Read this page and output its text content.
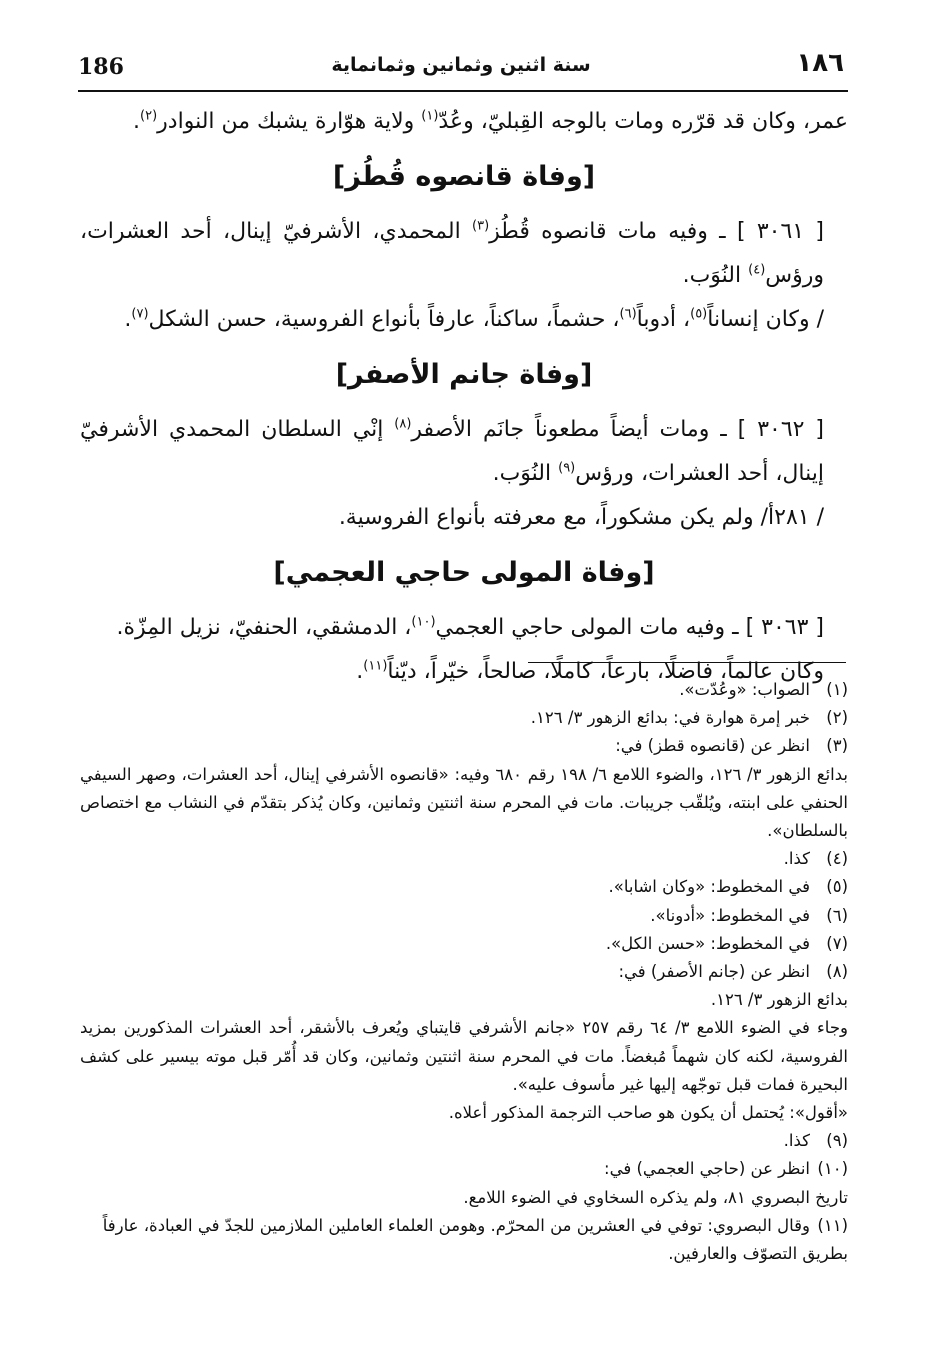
186	سنة اثنين وثمانين وثمانماية	١٨٦

عمر، وكان قد قرّره ومات بالوجه القِبليّ، وعُدّ$^{(١)}$ ولاية هوّارة يشبك من النوادر$^{(٢)}$.

[وفاة قانصوه قُطُز]

[ ٣٠٦١ ] ـ وفيه مات قانصوه قُطُز$^{(٣)}$ المحمدي، الأشرفيّ إينال، أحد العشرات، ورؤس$^{(٤)}$ النُوَب.

/ وكان إنساناً$^{(٥)}$، أدوباً$^{(٦)}$، حشماً، ساكناً، عارفاً بأنواع الفروسية، حسن الشكل$^{(٧)}$.

[وفاة جانم الأصفر]

[ ٣٠٦٢ ] ـ ومات أيضاً مطعوناً جانَم الأصفر$^{(٨)}$ إنْي السلطان المحمدي الأشرفيّ إينال، أحد العشرات، ورؤس$^{(٩)}$ النُوَب.

/ ٢٨١أ/ ولم يكن مشكوراً، مع معرفته بأنواع الفروسية.

[وفاة المولى حاجي العجمي]

[ ٣٠٦٣ ] ـ وفيه مات المولى حاجي العجمي$^{(١٠)}$، الدمشقي، الحنفيّ، نزيل المِزّة.

وكان عالماً، فاضلًا، بارعاً، كاملًا، صالحاً، خيّراً، ديّناً$^{(١١)}$.

(١)الصواب: «وعُدّت».

(٢)خبر إمرة هوارة في: بدائع الزهور ٣/ ١٢٦.

(٣)انظر عن (قانصوه قطز) في:

بدائع الزهور ٣/ ١٢٦، والضوء اللامع ٦/ ١٩٨ رقم ٦٨٠ وفيه: «قانصوه الأشرفي إينال، أحد العشرات، وصهر السيفي الحنفي على ابنته، ويُلقّب جريبات. مات في المحرم سنة اثنتين وثمانين، وكان يُذكر بتقدّم في النشاب مع اختصاص بالسلطان».

(٤)كذا.

(٥)في المخطوط: «وكان اشابا».

(٦)في المخطوط: «أدونا».

(٧)في المخطوط: «حسن الكل».

(٨)انظر عن (جانم الأصفر) في:

بدائع الزهور ٣/ ١٢٦.

وجاء في الضوء اللامع ٣/ ٦٤ رقم ٢٥٧ «جانم الأشرفي قايتباي ويُعرف بالأشقر، أحد العشرات المذكورين بمزيد الفروسية، لكنه كان شهماً مُبغضاً. مات في المحرم سنة اثنتين وثمانين، وكان قد أُمّر قبل موته بيسير على كشف البحيرة فمات قبل توجّهه إليها غير مأسوف عليه».

«أقول»: يُحتمل أن يكون هو صاحب الترجمة المذكور أعلاه.

(٩)كذا.

(١٠)انظر عن (حاجي العجمي) في:

تاريخ البصروي ٨١، ولم يذكره السخاوي في الضوء اللامع.

(١١)وقال البصروي: توفي في العشرين من المحرّم. وهومن العلماء العاملين الملازمين للجدّ في العبادة، عارفاً بطريق التصوّف والعارفين.
